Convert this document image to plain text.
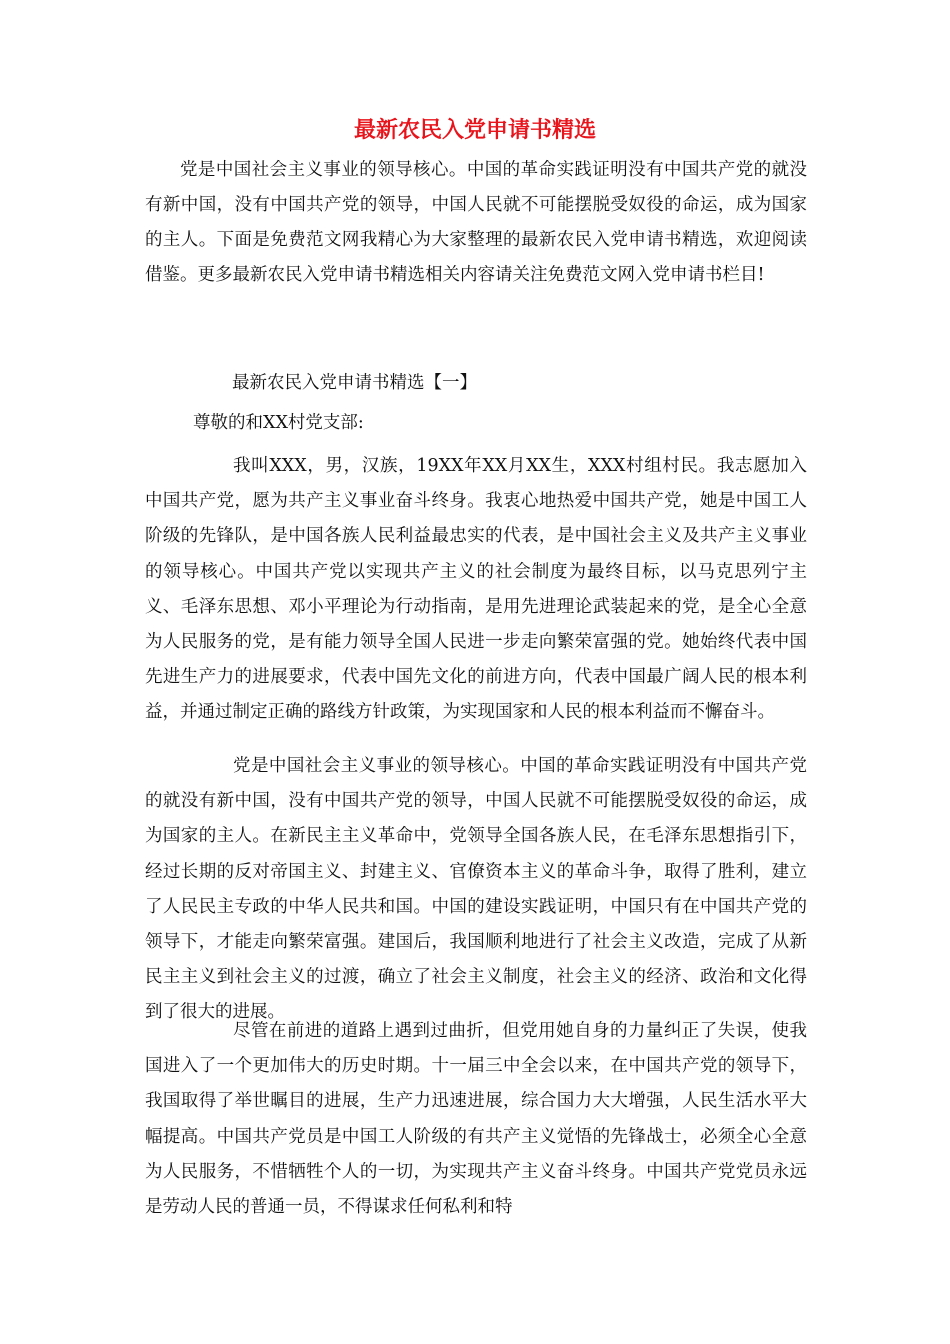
最新农民入党申请书精选

党是中国社会主义事业的领导核心。中国的革命实践证明没有中国共产党的就没有新中国，没有中国共产党的领导，中国人民就不可能摆脱受奴役的命运，成为国家的主人。下面是免费范文网我精心为大家整理的最新农民入党申请书精选，欢迎阅读借鉴。更多最新农民入党申请书精选相关内容请关注免费范文网入党申请书栏目!

最新农民入党申请书精选【一】

尊敬的和XX村党支部:

我叫XXX，男，汉族，19XX年XX月XX生，XXX村组村民。我志愿加入中国共产党，愿为共产主义事业奋斗终身。我衷心地热爱中国共产党，她是中国工人阶级的先锋队，是中国各族人民利益最忠实的代表，是中国社会主义及共产主义事业的领导核心。中国共产党以实现共产主义的社会制度为最终目标，以马克思列宁主义、毛泽东思想、邓小平理论为行动指南，是用先进理论武装起来的党，是全心全意为人民服务的党，是有能力领导全国人民进一步走向繁荣富强的党。她始终代表中国先进生产力的进展要求，代表中国先文化的前进方向，代表中国最广阔人民的根本利益，并通过制定正确的路线方针政策，为实现国家和人民的根本利益而不懈奋斗。

党是中国社会主义事业的领导核心。中国的革命实践证明没有中国共产党的就没有新中国，没有中国共产党的领导，中国人民就不可能摆脱受奴役的命运，成为国家的主人。在新民主主义革命中，党领导全国各族人民，在毛泽东思想指引下，经过长期的反对帝国主义、封建主义、官僚资本主义的革命斗争，取得了胜利，建立了人民民主专政的中华人民共和国。中国的建设实践证明，中国只有在中国共产党的领导下，才能走向繁荣富强。建国后，我国顺利地进行了社会主义改造，完成了从新民主主义到社会主义的过渡，确立了社会主义制度，社会主义的经济、政治和文化得到了很大的进展。

尽管在前进的道路上遇到过曲折，但党用她自身的力量纠正了失误，使我国进入了一个更加伟大的历史时期。十一届三中全会以来，在中国共产党的领导下，我国取得了举世瞩目的进展，生产力迅速进展，综合国力大大增强，人民生活水平大幅提高。中国共产党员是中国工人阶级的有共产主义觉悟的先锋战士，必须全心全意为人民服务，不惜牺牲个人的一切，为实现共产主义奋斗终身。中国共产党党员永远是劳动人民的普通一员，不得谋求任何私利和特
